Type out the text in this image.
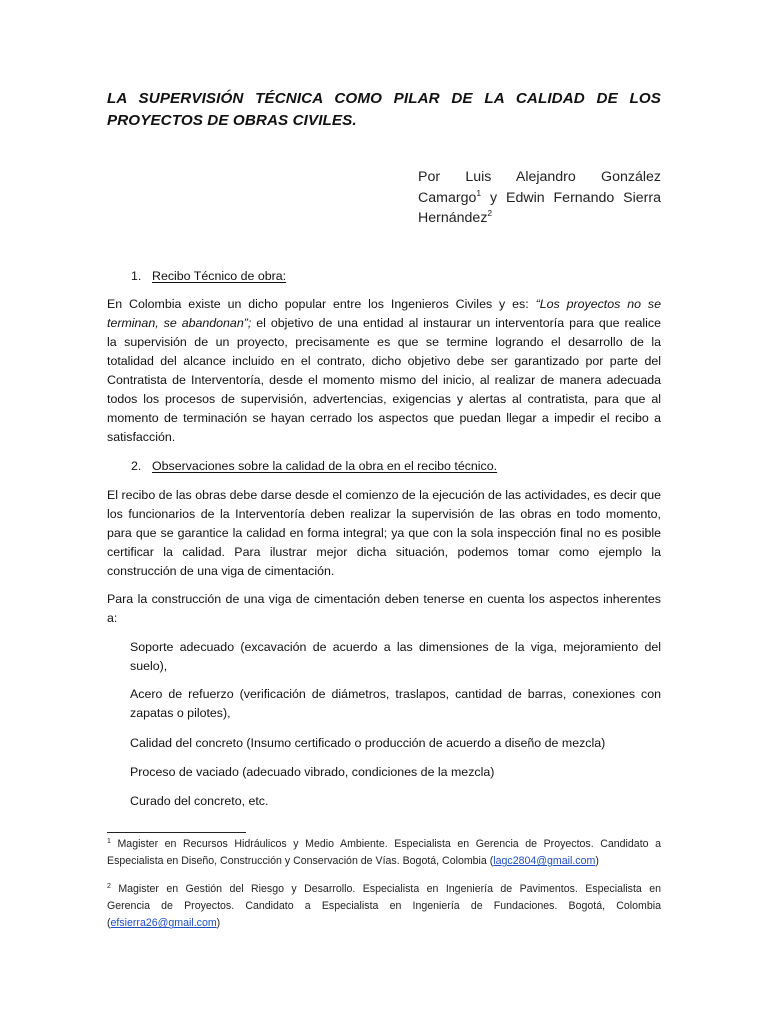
LA SUPERVISIÓN TÉCNICA COMO PILAR DE LA CALIDAD DE LOS
PROYECTOS DE OBRAS CIVILES.
Por Luis Alejandro González
Camargo$^1$ y Edwin Fernando Sierra
Hernández$^2$
1. Recibo Técnico de obra:
En Colombia existe un dicho popular entre los Ingenieros Civiles y es: “Los proyectos no se
terminan, se abandonan”; el objetivo de una entidad al instaurar un interventoría para que realice
la supervisión de un proyecto, precisamente es que se termine logrando el desarrollo de la
totalidad del alcance incluido en el contrato, dicho objetivo debe ser garantizado por parte del
Contratista de Interventoría, desde el momento mismo del inicio, al realizar de manera adecuada
todos los procesos de supervisión, advertencias, exigencias y alertas al contratista, para que al
momento de terminación se hayan cerrado los aspectos que puedan llegar a impedir el recibo a
satisfacción.
2. Observaciones sobre la calidad de la obra en el recibo técnico.
El recibo de las obras debe darse desde el comienzo de la ejecución de las actividades, es decir que
los funcionarios de la Interventoría deben realizar la supervisión de las obras en todo momento,
para que se garantice la calidad en forma integral; ya que con la sola inspección final no es posible
certificar la calidad. Para ilustrar mejor dicha situación, podemos tomar como ejemplo la
construcción de una viga de cimentación.
Para la construcción de una viga de cimentación deben tenerse en cuenta los aspectos inherentes
a:
Soporte adecuado (excavación de acuerdo a las dimensiones de la viga, mejoramiento del
suelo),
Acero de refuerzo (verificación de diámetros, traslapos, cantidad de barras, conexiones con
zapatas o pilotes),
Calidad del concreto (Insumo certificado o producción de acuerdo a diseño de mezcla)
Proceso de vaciado (adecuado vibrado, condiciones de la mezcla)
Curado del concreto, etc.
$^1$ Magister en Recursos Hidráulicos y Medio Ambiente. Especialista en Gerencia de Proyectos. Candidato a
Especialista en Diseño, Construcción y Conservación de Vías. Bogotá, Colombia (lagc2804@gmail.com)
$^2$ Magister en Gestión del Riesgo y Desarrollo. Especialista en Ingeniería de Pavimentos. Especialista en
Gerencia de Proyectos. Candidato a Especialista en Ingeniería de Fundaciones. Bogotá, Colombia
(efsierra26@gmail.com)
